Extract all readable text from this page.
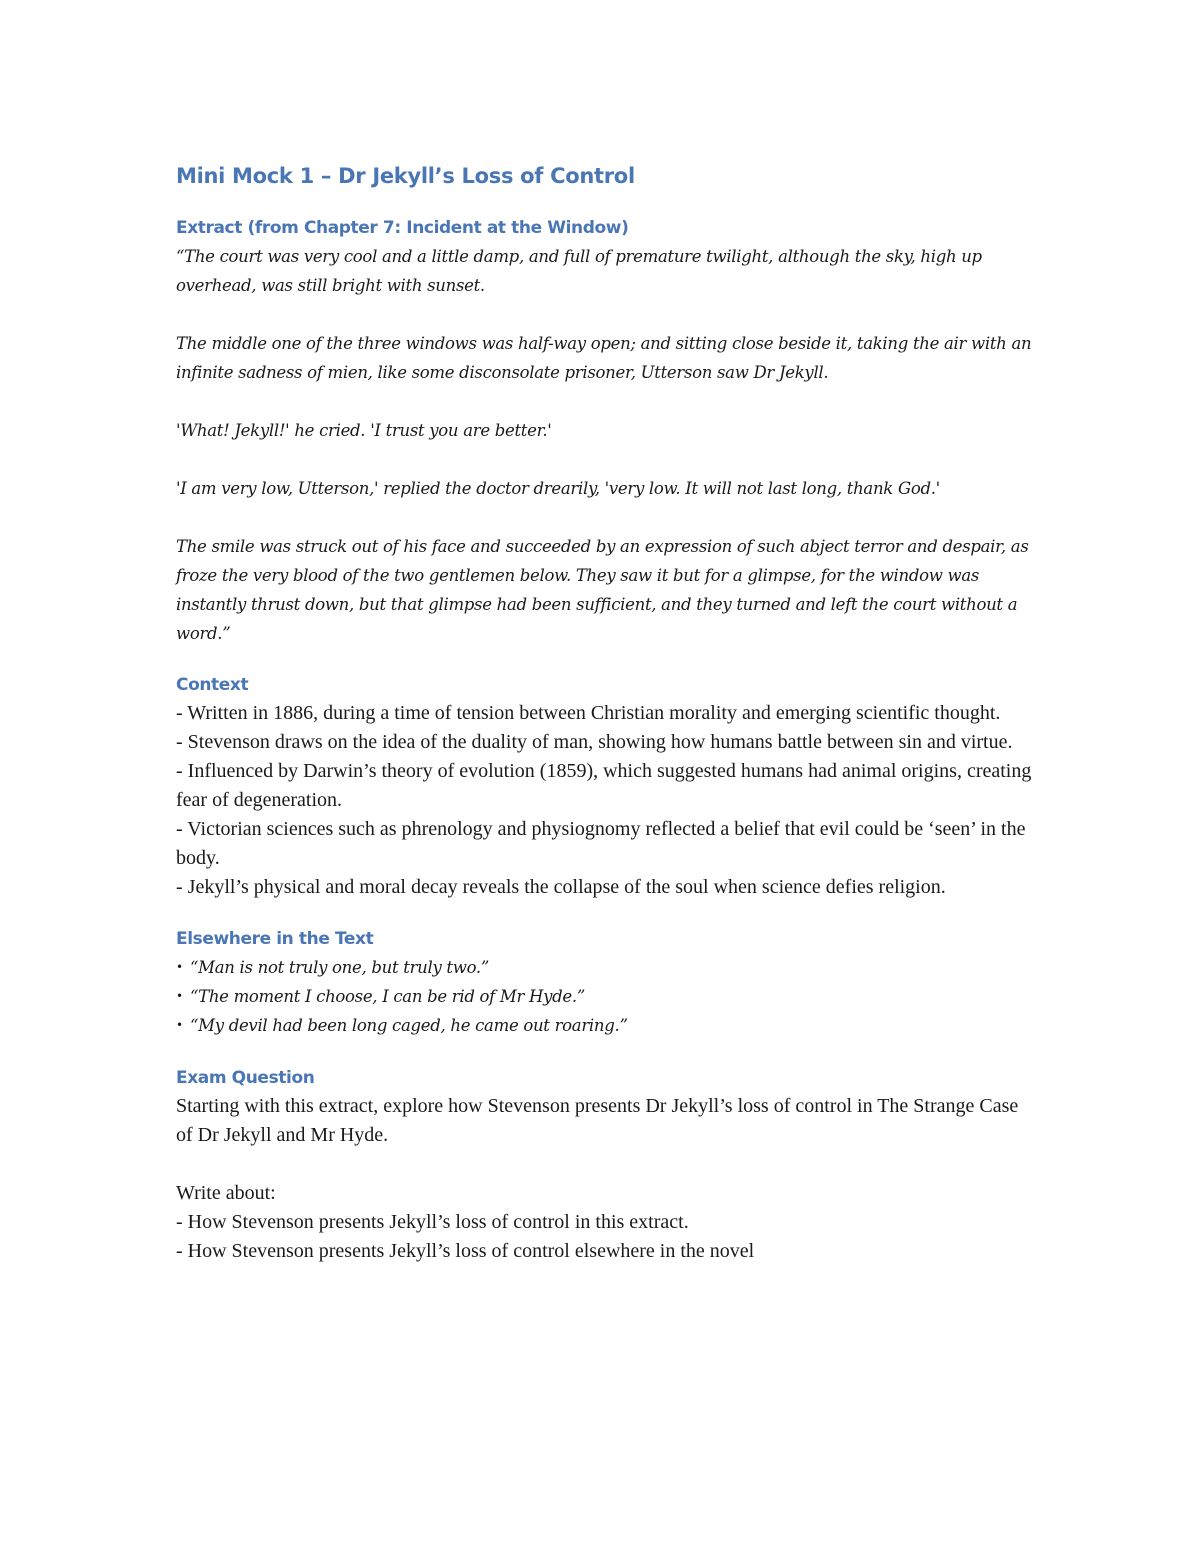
Mini Mock 1 – Dr Jekyll’s Loss of Control
Extract (from Chapter 7: Incident at the Window)

“The court was very cool and a little damp, and full of premature twilight, although the sky, high up overhead, was still bright with sunset.

The middle one of the three windows was half-way open; and sitting close beside it, taking the air with an infinite sadness of mien, like some disconsolate prisoner, Utterson saw Dr Jekyll.

'What! Jekyll!' he cried. 'I trust you are better.'

'I am very low, Utterson,' replied the doctor drearily, 'very low. It will not last long, thank God.'

The smile was struck out of his face and succeeded by an expression of such abject terror and despair, as froze the very blood of the two gentlemen below. They saw it but for a glimpse, for the window was instantly thrust down, but that glimpse had been sufficient, and they turned and left the court without a word.”

Context

- Written in 1886, during a time of tension between Christian morality and emerging scientific thought.

- Stevenson draws on the idea of the duality of man, showing how humans battle between sin and virtue.

- Influenced by Darwin’s theory of evolution (1859), which suggested humans had animal origins, creating fear of degeneration.

- Victorian sciences such as phrenology and physiognomy reflected a belief that evil could be ‘seen’ in the body.

- Jekyll’s physical and moral decay reveals the collapse of the soul when science defies religion.

Elsewhere in the Text
• “Man is not truly one, but truly two.”
• “The moment I choose, I can be rid of Mr Hyde.”
• “My devil had been long caged, he came out roaring.”
Exam Question

Starting with this extract, explore how Stevenson presents Dr Jekyll’s loss of control in The Strange Case of Dr Jekyll and Mr Hyde.

Write about:

- How Stevenson presents Jekyll’s loss of control in this extract.

- How Stevenson presents Jekyll’s loss of control elsewhere in the novel
